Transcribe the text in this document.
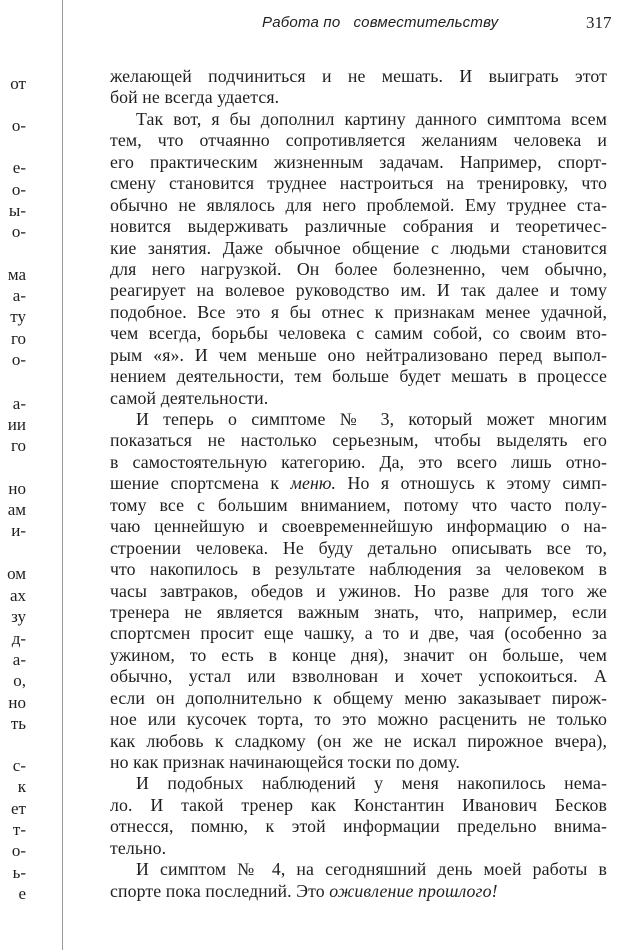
Работа по   совместительству	317
от
о-
е-
о-
ы-
о-
ма
а-
ту
го
о-
а-
ии
го
но
ам
и-
ом
ах
зу
д-
а-
о,
но
ть
с-
к
ет
т-
о-
ь-
е
желающей подчиниться и не мешать. И выиграть этот
бой не всегда удается.
Так вот, я бы дополнил картину данного симптома всем
тем, что отчаянно сопротивляется желаниям человека и
его практическим жизненным задачам. Например, спорт-
смену становится труднее настроиться на тренировку, что
обычно не являлось для него проблемой. Ему труднее ста-
новится выдерживать различные собрания и теоретичес-
кие занятия. Даже обычное общение с людьми становится
для него нагрузкой. Он более болезненно, чем обычно,
реагирует на волевое руководство им. И так далее и тому
подобное. Все это я бы отнес к признакам менее удачной,
чем всегда, борьбы человека с самим собой, со своим вто-
рым «я». И чем меньше оно нейтрализовано перед выпол-
нением деятельности, тем больше будет мешать в процессе
самой деятельности.
И теперь о симптоме № 3, который может многим
показаться не настолько серьезным, чтобы выделять его
в самостоятельную категорию. Да, это всего лишь отно-
шение спортсмена к меню. Но я отношусь к этому симп-
тому все с большим вниманием, потому что часто полу-
чаю ценнейшую и своевременнейшую информацию о на-
строении человека. Не буду детально описывать все то,
что накопилось в результате наблюдения за человеком в
часы завтраков, обедов и ужинов. Но разве для того же
тренера не является важным знать, что, например, если
спортсмен просит еще чашку, а то и две, чая (особенно за
ужином, то есть в конце дня), значит он больше, чем
обычно, устал или взволнован и хочет успокоиться. А
если он дополнительно к общему меню заказывает пирож-
ное или кусочек торта, то это можно расценить не только
как любовь к сладкому (он же не искал пирожное вчера),
но как признак начинающейся тоски по дому.
И подобных наблюдений у меня накопилось нема-
ло. И такой тренер как Константин Иванович Бесков
отнесся, помню, к этой информации предельно внима-
тельно.
И симптом № 4, на сегодняшний день моей работы в
спорте пока последний. Это оживление прошлого!
